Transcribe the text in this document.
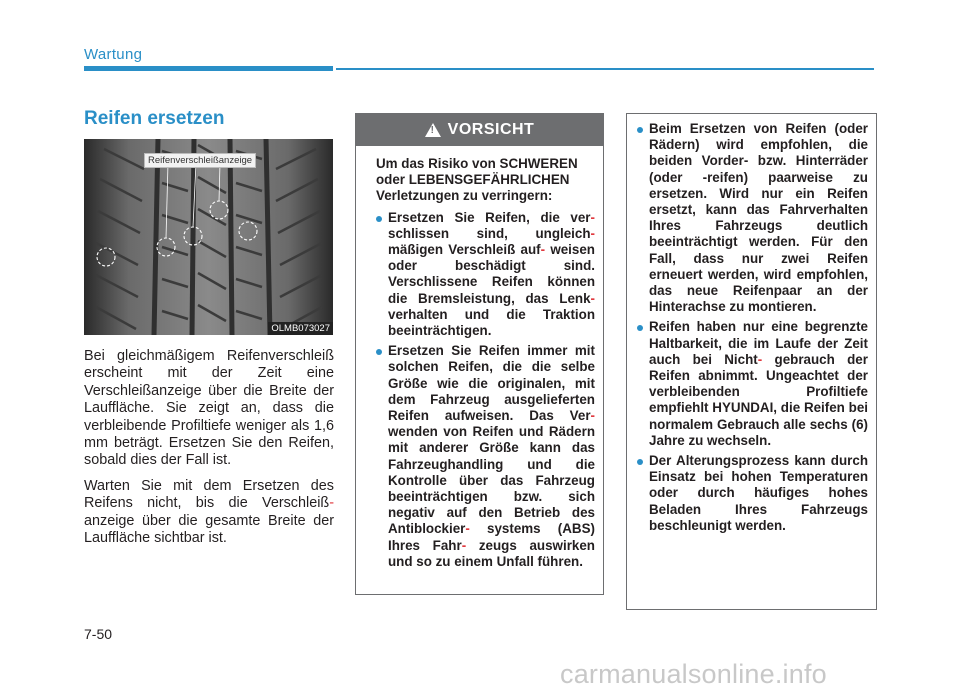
Wartung
Reifen ersetzen
OLMB073027
Reifenverschleißanzeige

Bei gleichmäßigem Reifenverschleiß erscheint mit der Zeit eine Verschleißanzeige über die Breite der Lauffläche. Sie zeigt an, dass die verbleibende Profiltiefe weniger als 1,6 mm beträgt. Ersetzen Sie den Reifen, sobald dies der Fall ist.

Warten Sie mit dem Ersetzen des Reifens nicht, bis die Verschleiß-anzeige über die gesamte Breite der Lauffläche sichtbar ist.

! VORSICHT
Um das Risiko von SCHWEREN oder LEBENSGEFÄHRLICHEN Verletzungen zu verringern:
Ersetzen Sie Reifen, die ver- schlissen sind, ungleich- mäßigen Verschleiß auf- weisen oder beschädigt sind. Verschlissene Reifen können die Bremsleistung, das Lenk- verhalten und die Traktion beeinträchtigen.
Ersetzen Sie Reifen immer mit solchen Reifen, die die selbe Größe wie die originalen, mit dem Fahrzeug ausgelieferten Reifen aufweisen. Das Ver- wenden von Reifen und Rädern mit anderer Größe kann das Fahrzeughandling und die Kontrolle über das Fahrzeug beeinträchtigen bzw. sich negativ auf den Betrieb des Antiblockier- systems (ABS) Ihres Fahr- zeugs auswirken und so zu einem Unfall führen.
Beim Ersetzen von Reifen (oder Rädern) wird empfohlen, die beiden Vorder- bzw. Hinterräder (oder -reifen) paarweise zu ersetzen. Wird nur ein Reifen ersetzt, kann das Fahrverhalten Ihres Fahrzeugs deutlich beeinträchtigt werden. Für den Fall, dass nur zwei Reifen erneuert werden, wird empfohlen, das neue Reifenpaar an der Hinterachse zu montieren.
Reifen haben nur eine begrenzte Haltbarkeit, die im Laufe der Zeit auch bei Nicht- gebrauch der Reifen abnimmt. Ungeachtet der verbleibenden Profiltiefe empfiehlt HYUNDAI, die Reifen bei normalem Gebrauch alle sechs (6) Jahre zu wechseln.
Der Alterungsprozess kann durch Einsatz bei hohen Temperaturen oder durch häufiges hohes Beladen Ihres Fahrzeugs beschleunigt werden.
7-50
carmanualsonline.info
